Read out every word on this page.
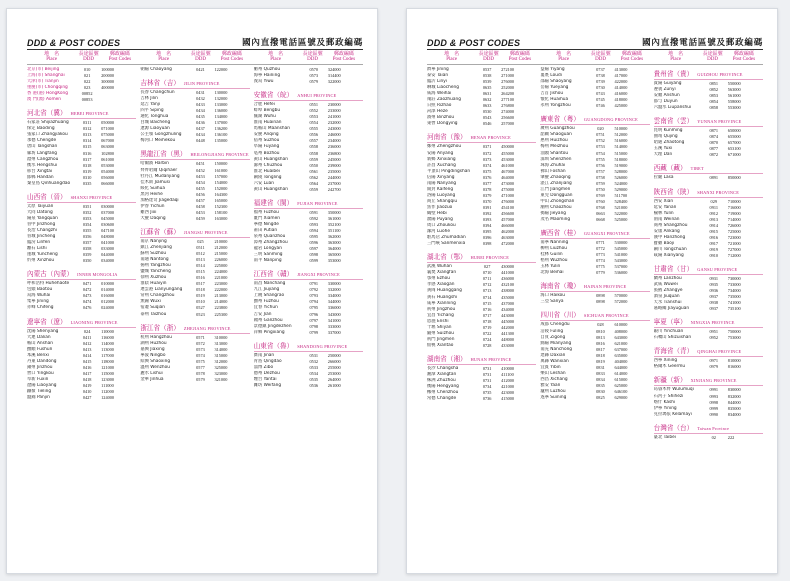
DDD & POST CODES	國內直撥電話區號及郵政編碼
地　名
Place
長途區號
DDD
郵政編碼
Post Codes
地　名
Place
長途區號
DDD
郵政編碼
Post Codes
地　名
Place
長途區號
DDD
郵政編碼
Post Codes
北京(市) Beijing	010	100000
上海(市) Shanghai	021	200000
天津(市) Tianjin	022	300000
重慶(市) Chongqing	023	400000
香 港(港) HongKong	00852
澳 門(澳) Aomen	00853
河北省（冀） HEBEI PROVINCE
石家莊 Shijiazhuang	0311	050000
保定 Baoding	0312	071000
張家口 Zhangjiakou	0313	075000
承德 Chengde	0314	067000
唐山 Tangshan	0315	063000
廊坊 Langfang	0316	102800
滄州 Cangzhou	0317	061000
衡水 Hengshui	0318	053000
邢台 Xingtai	0319	054000
邯鄲 Handan	0310	056000
秦皇島 Qinhuangdao	0335	066000
山西省（晉） SHANXI PROVINCE
太原 Taiyuan	0351	030000
大同 Datong	0352	037000
陽泉 Yangquan	0353	045000
晉中 Jinzhong	0354	030600
長治 Changzhi	0355	047100
晉城 Jincheng	0356	048000
臨汾 Linfen	0357	041000
離石 Lishi	0358	033000
運城 Yuncheng	0359	044000
忻州 Xinzhou	0350	034000
內蒙古（內蒙） INNER MONGOLIA
呼和浩特 Huhehaote	0471	010000
包頭 Baotou	0472	014000
烏海 Wuhai	0473	016000
集寧 Jining	0474	012000
赤峰 Chifeng	0476	024000
遼寧省（遼） LIAONING PROVINCE
沈陽 Shenyang	024	110000
大連 Dalian	0411	116000
鞍山 Anshan	0412	114000
撫順 Fushun	0413	113000
本溪 Benxi	0414	117000
丹東 Dandong	0415	118000
錦州 Jinzhou	0416	121000
營口 Yingkou	0417	115000
阜新 Fuxin	0418	123000
遼陽 Liaoyang	0419	111000
鐵嶺 Tieling	0410	112000
盤錦 Panjin	0427	124000
朝陽 Chaoyang	0421	122000
吉林省（吉） JILIN PROVINCE
長春 Changchun	0431	130000
吉林 Jilin	0432	132000
延吉 Yanji	0433	133000
四平 Siping	0434	136000
通化 Tonghua	0435	134000
白城 Baicheng	0436	137000
遼源 Liaoyuan	0437	136200
公主嶺 Gongzhuling	0434	136100
梅河口 Meihekou	0448	135000
黑龍江省（黑） HEILONGJIANG PROVINCE
哈爾濱 Harbin	0451	150000
齊齊哈爾 Qiqihaer	0452	161000
牡丹江 Mudanjiang	0453	157000
佳木斯 Jiamusi	0454	154000
綏化 Suihua	0455	152000
黑河 Heihe	0456	164300
加格達奇 Jiagedaqi	0457	165000
伊春 Yichun	0458	152300
雞西 Jixi	0453	158100
大慶 Daqing	0459	163000
江蘇省（蘇） JIANGSU PROVINCE
南京 Nanjing	025	210000
鎮江 Zhenjiang	0511	212000
蘇州 Suzhou	0512	215000
南通 Nantong	0513	226000
揚州 Yangzhou	0514	225000
鹽城 Yancheng	0515	224000
徐州 Xuzhou	0516	221000
淮陰 Huaiyin	0517	223000
連雲港 Lianyungang	0518	222000
常州 Changzhou	0519	213000
無錫 Wuxi	0510	214000
宿遷 Suqian	0527	223800
泰州 Taizhou	0523	225300
浙江省（浙） ZHEJIANG PROVINCE
杭州 Hangzhou	0571	310000
湖州 Huzhou	0572	313000
嘉興 Jiaxing	0573	314000
寧波 Ningbo	0574	315000
紹興 Shaoxing	0575	312000
溫州 Wenzhou	0577	325000
麗水 Lishui	0578	323000
金華 Jinhua	0579	321000
衢州 Quzhou	0570	324000
海寧 Haining	0573	314400
義烏 Yiwu	0579	322000
安徽省（皖） ANHUI PROVINCE
合肥 Hefei	0551	230000
蚌埠 Bengbu	0552	233000
蕪湖 Wuhu	0553	241000
淮南 Huainan	0554	232000
馬鞍山 Maanshan	0555	243000
安慶 Anqing	0556	246000
宿州 Suzhou	0557	234000
阜陽 Fuyang	0558	236000
亳州 Bozhou	0558	236800
黃山 Huangshan	0559	245000
滁州 Chuzhou	0550	239000
淮北 Huaibei	0561	235000
銅陵 Tongling	0562	244000
六安 Luan	0564	237000
黃山 Huangshan	0559	242700
福建省（閩） FUJIAN PROVINCE
福州 Fuzhou	0591	350000
廈門 Xiamen	0592	361000
寧德 Ningde	0593	352100
莆田 Putian	0594	351100
泉州 Quanzhou	0595	362000
漳州 Zhangzhou	0596	363000
龍岩 Longyan	0597	364000
三明 Sanming	0598	365000
南平 Nanping	0599	353000
江西省（贛） JIANGXI PROVINCE
南昌 Nanchang	0791	330000
九江 Jiujiang	0792	332000
上饒 Shangrao	0793	334000
撫州 Fuzhou	0794	344000
宜春 Yichun	0795	336000
吉安 Jian	0796	343000
贛州 Ganzhou	0797	341000
景德鎮 Jingdezhen	0798	333000
萍鄉 Pingxiang	0799	337000
山東省（魯） SHANDONG PROVINCE
濟南 Jinan	0531	250000
青島 Qingdao	0532	266000
淄博 Zibo	0533	255000
德州 Dezhou	0534	253000
煙台 Yantai	0535	264000
濰坊 Weifang	0536	261000
DDD & POST CODES	國內直撥電話區號及郵政編碼
地　名
Place
長途區號
DDD
郵政編碼
Post Codes
地　名
Place
長途區號
DDD
郵政編碼
Post Codes
地　名
Place
長途區號
DDD
郵政編碼
Post Codes
濟寧 Jining	0537	272100
泰安 Taian	0538	271000
臨沂 Linyi	0539	276000
聊城 Liaocheng	0635	252000
威海 Weihai	0631	264200
棗莊 Zaozhuang	0632	277100
日照 Rizhao	0633	276800
菏澤 Heze	0530	274000
濱州 Binzhou	0543	256600
東營 Dongying	0546	257000
河南省（豫） HENAN PROVINCE
鄭州 Zhengzhou	0371	450000
安陽 Anyang	0372	455000
新鄉 Xinxiang	0373	453000
許昌 Xuchang	0374	461000
平頂山 Pingdingshan	0375	467000
信陽 Xinyang	0376	464000
南陽 Nanyang	0377	473000
開封 Kaifeng	0378	475000
洛陽 Luoyang	0379	471000
商丘 Shangqiu	0370	476000
焦作 Jiaozuo	0391	454100
鶴壁 Hebi	0392	456600
濮陽 Puyang	0393	457000
周口 Zhoukou	0394	466000
漯河 Luohe	0395	462000
駐馬店 Zhumadian	0396	463000
三門峽 Sanmenxia	0398	472000
湖北省（鄂） HUBEI PROVINCE
武漢 Wuhan	027	430000
襄樊 Xiangfan	0710	441000
鄂州 Ezhou	0711	436000
孝感 Xiaogan	0712	432100
黃岡 Huanggang	0713	438000
黃石 Huangshi	0714	435000
咸寧 Xianning	0715	437000
荊州 Jingzhou	0716	434000
宜昌 Yichang	0717	443000
恩施 Enshi	0718	445000
十堰 Shiyan	0719	442000
隨州 Suizhou	0722	441300
荊門 Jingmen	0724	448000
仙桃 Xiantao	0728	433000
湖南省（湘） HUNAN PROVINCE
長沙 Changsha	0731	410000
湘潭 Xiangtan	0731	411100
株洲 Zhuzhou	0731	412000
衡陽 Hengyang	0734	421000
郴州 Chenzhou	0735	423000
常德 Changde	0736	415000
益陽 Yiyang	0737	413000
婁底 Loudi	0738	417000
邵陽 Shaoyang	0739	422000
岳陽 Yueyang	0730	414000
吉首 Jishou	0743	416000
懷化 Huaihua	0745	418000
永州 Yongzhou	0746	425000
廣東省（粵） GUANGDONG PROVINCE
廣州 Guangzhou	020	510000
韶關 Shaoguan	0751	512000
惠州 Huizhou	0752	516000
梅州 Meizhou	0753	514000
汕頭 Shantou	0754	515000
深圳 Shenzhen	0755	518000
珠海 Zhuhai	0756	519000
佛山 Foshan	0757	528000
肇慶 Zhaoqing	0758	526000
湛江 Zhanjiang	0759	524000
江門 Jiangmen	0750	529000
東莞 Dongguan	0769	511700
中山 Zhongshan	0760	528400
潮州 Chaozhou	0768	521000
揭陽 Jieyang	0663	522000
茂名 Maoming	0668	525000
廣西省（桂） GUANGXI PROVINCE
南寧 Nanning	0771	530000
柳州 Liuzhou	0772	545000
桂林 Guilin	0773	541000
梧州 Wuzhou	0774	543000
玉林 Yulin	0775	537000
北海 Beihai	0779	536000
海南省（瓊） HAINAN PROVINCE
海口 Haikou	0898	570000
三亞 Sanya	0898	572000
四川省（川） SICHUAN PROVINCE
成都 Chengdu	028	610000
涪陵 Fuling	0810	408000
自貢 Zigong	0813	643000
綿陽 Mianyang	0816	621000
南充 Nanchong	0817	637000
達縣 Daxian	0818	635000
萬縣 Wanxian	0819	404000
宜賓 Yibin	0831	644000
樂山 Leshan	0833	614000
西昌 Xichang	0834	615000
雅安 Yaan	0835	625000
瀘州 Luzhou	0830	646100
遂寧 Suining	0825	629000
貴州省（貴） GUIZHOU PROVINCE
貴陽 Guiyang	0851	550000
遵義 Zunyi	0852	563000
安順 Anshun	0853	561000
都勻 Duyun	0854	558000
六盤水 Liupanshui	0858	553000
雲南省（雲） YUNNAN PROVINCE
昆明 Kunming	0871	650000
曲靖 Qujing	0874	655000
昭通 Zhaotong	0870	657000
玉溪 Yuxi	0877	653100
大理 Dali	0872	671000
西藏（藏） TIBET
拉薩 Lasa	0891	850000
陝西省（陝） SHANXI PROVINCE
西安 Xian	029	710000
延安 Yanan	0911	716000
榆林 Yulin	0912	719000
渭南 Weinan	0913	714000
商州 Shangzhou	0914	726000
安康 Ankang	0915	725000
漢中 Hanzhong	0916	723000
寶雞 Baoji	0917	721000
銅川 Tongchuan	0919	727000
咸陽 Xianyang	0910	712000
甘肅省（甘） GANSU PROVINCE
蘭州 Lanzhou	0931	730000
武威 Wuwei	0935	733000
張掖 Zhangye	0936	734000
酒泉 Jiuquan	0937	735000
天水 Tianshui	0938	741000
嘉峪關 Jiayuguan	0937	735100
寧夏（寧） NINGXIA PROVINCE
銀川 Yinchuan	0951	750000
石嘴山 Shizuishan	0952	753000
青海省（青） QINGHAI PROVINCE
西寧 Xining	0971	810000
格爾木 Geermu	0979	816000
新疆（新） XINJIANG PROVINCE
烏魯木齊 Wulumuqi	0991	830000
石河子 Shihezi	0993	832000
喀什 Kashi	0998	844000
伊寧 Yining	0999	835000
克拉瑪依 Kelamayi	0990	834000
台灣省（台） Taiwan Province
臺北 Taibei	02	222
